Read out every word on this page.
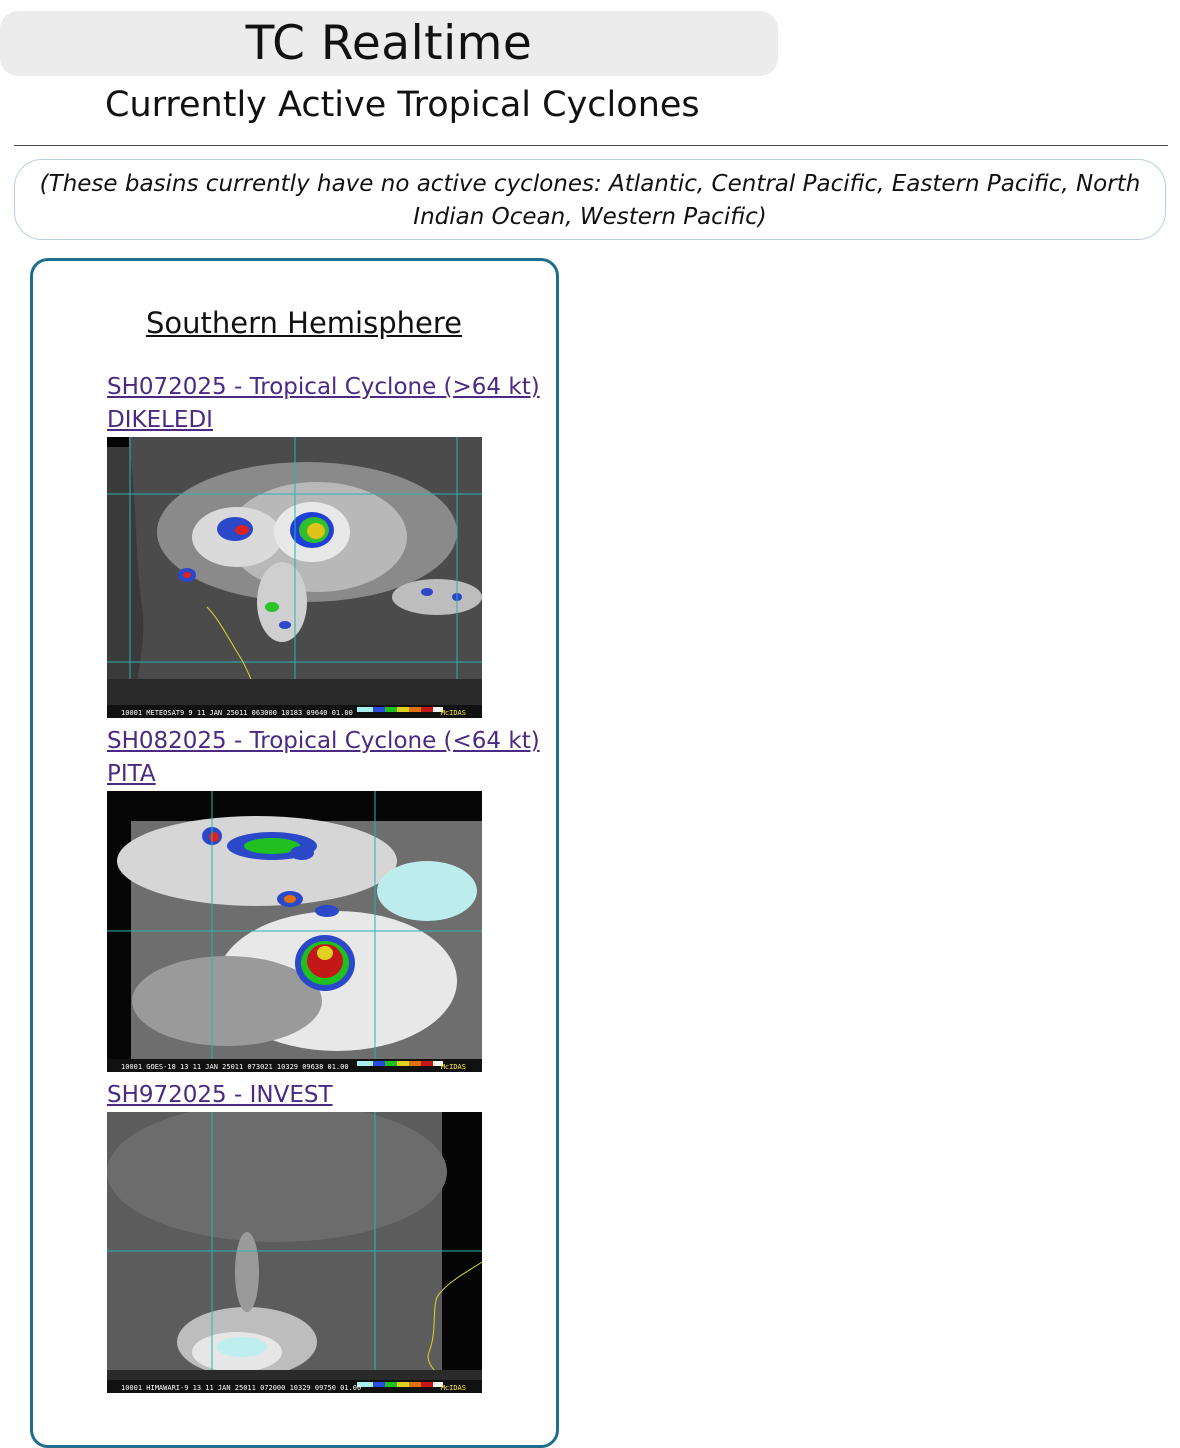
TC Realtime
Currently Active Tropical Cyclones
(These basins currently have no active cyclones: Atlantic, Central Pacific, Eastern Pacific, North Indian Ocean, Western Pacific)
Southern Hemisphere
SH072025 - Tropical Cyclone (>64 kt)
DIKELEDI
10001 METEOSAT9 9 11 JAN 25011 063000 10183 09640 01.00	McIDAS
SH082025 - Tropical Cyclone (<64 kt)
PITA
10001 GOES-18 13 11 JAN 25011 073021 10329 09638 01.00	McIDAS
SH972025 - INVEST
10001 HIMAWARI-9 13 11 JAN 25011 072000 10329 09750 01.00	McIDAS
